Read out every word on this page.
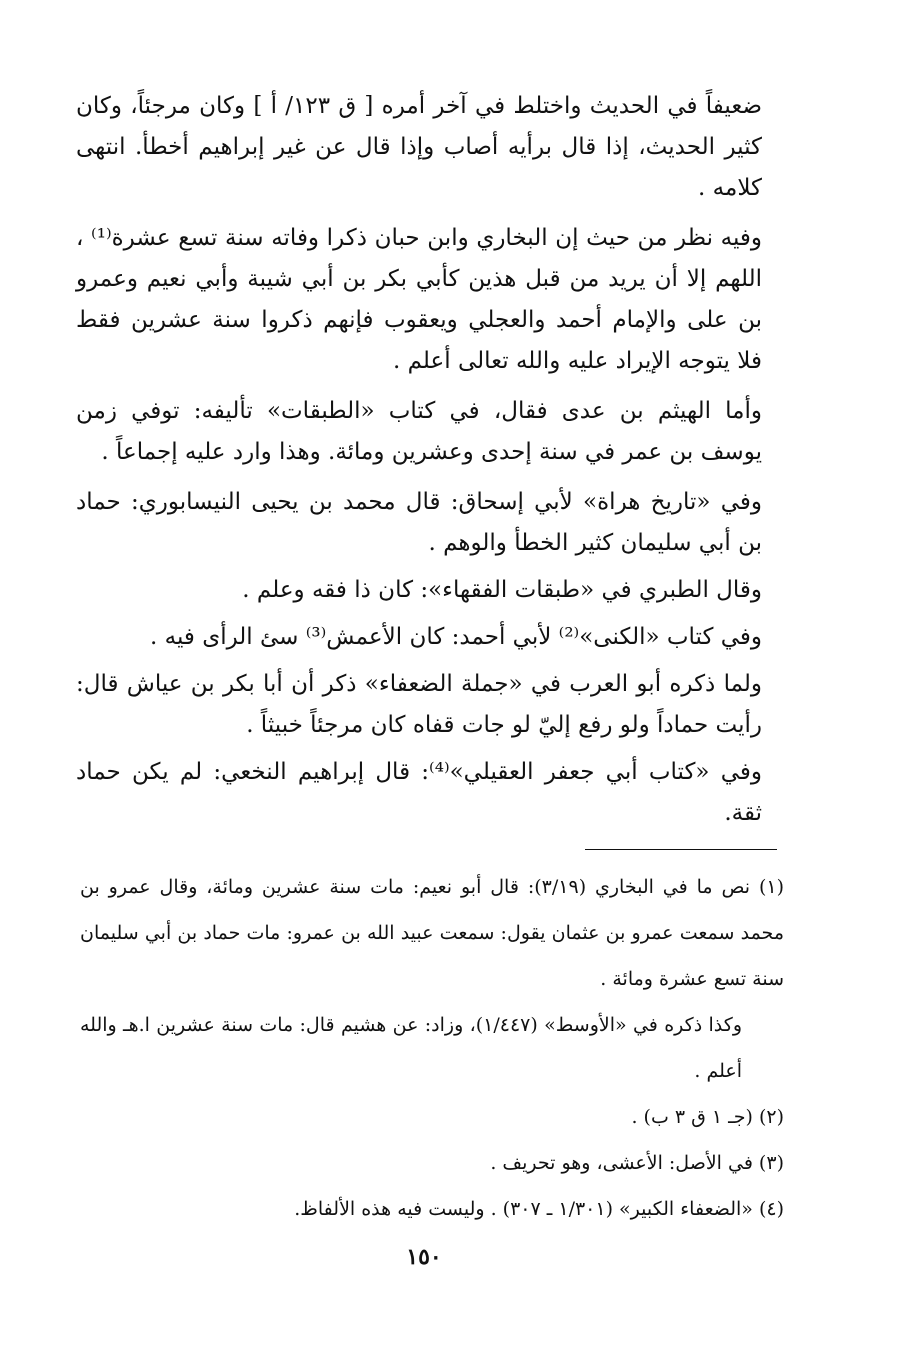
ضعيفاً في الحديث واختلط في آخر أمره [ ق ١٢٣/ أ ] وكان مرجئاً، وكان كثير الحديث، إذا قال برأيه أصاب وإذا قال عن غير إبراهيم أخطأ. انتهى كلامه .

وفيه نظر من حيث إن البخاري وابن حبان ذكرا وفاته سنة تسع عشرة⁽¹⁾ ، اللهم إلا أن يريد من قبل هذين كأبي بكر بن أبي شيبة وأبي نعيم وعمرو بن على والإمام أحمد والعجلي ويعقوب فإنهم ذكروا سنة عشرين فقط فلا يتوجه الإيراد عليه والله تعالى أعلم .

وأما الهيثم بن عدى فقال، في كتاب «الطبقات» تأليفه: توفي زمن يوسف بن عمر في سنة إحدى وعشرين ومائة. وهذا وارد عليه إجماعاً .

وفي «تاريخ هراة» لأبي إسحاق: قال محمد بن يحيى النيسابوري: حماد بن أبي سليمان كثير الخطأ والوهم .

وقال الطبري في «طبقات الفقهاء»: كان ذا فقه وعلم .

وفي كتاب «الكنى»⁽²⁾ لأبي أحمد: كان الأعمش⁽³⁾ سئ الرأى فيه .

ولما ذكره أبو العرب في «جملة الضعفاء» ذكر أن أبا بكر بن عياش قال: رأيت حماداً ولو رفع إليّ لو جات قفاه كان مرجئاً خبيثاً .

وفي «كتاب أبي جعفر العقيلي»⁽⁴⁾: قال إبراهيم النخعي: لم يكن حماد ثقة.

(١) نص ما في البخاري (٣/١٩): قال أبو نعيم: مات سنة عشرين ومائة، وقال عمرو بن محمد سمعت عمرو بن عثمان يقول: سمعت عبيد الله بن عمرو: مات حماد بن أبي سليمان سنة تسع عشرة ومائة .

وكذا ذكره في «الأوسط» (١/٤٤٧)، وزاد: عن هشيم قال: مات سنة عشرين ا.هـ والله أعلم .

(٢) (جـ ١ ق ٣ ب) .

(٣) في الأصل: الأعشى، وهو تحريف .

(٤) «الضعفاء الكبير» (١/٣٠١ ـ ٣٠٧) . وليست فيه هذه الألفاظ.

١٥٠
